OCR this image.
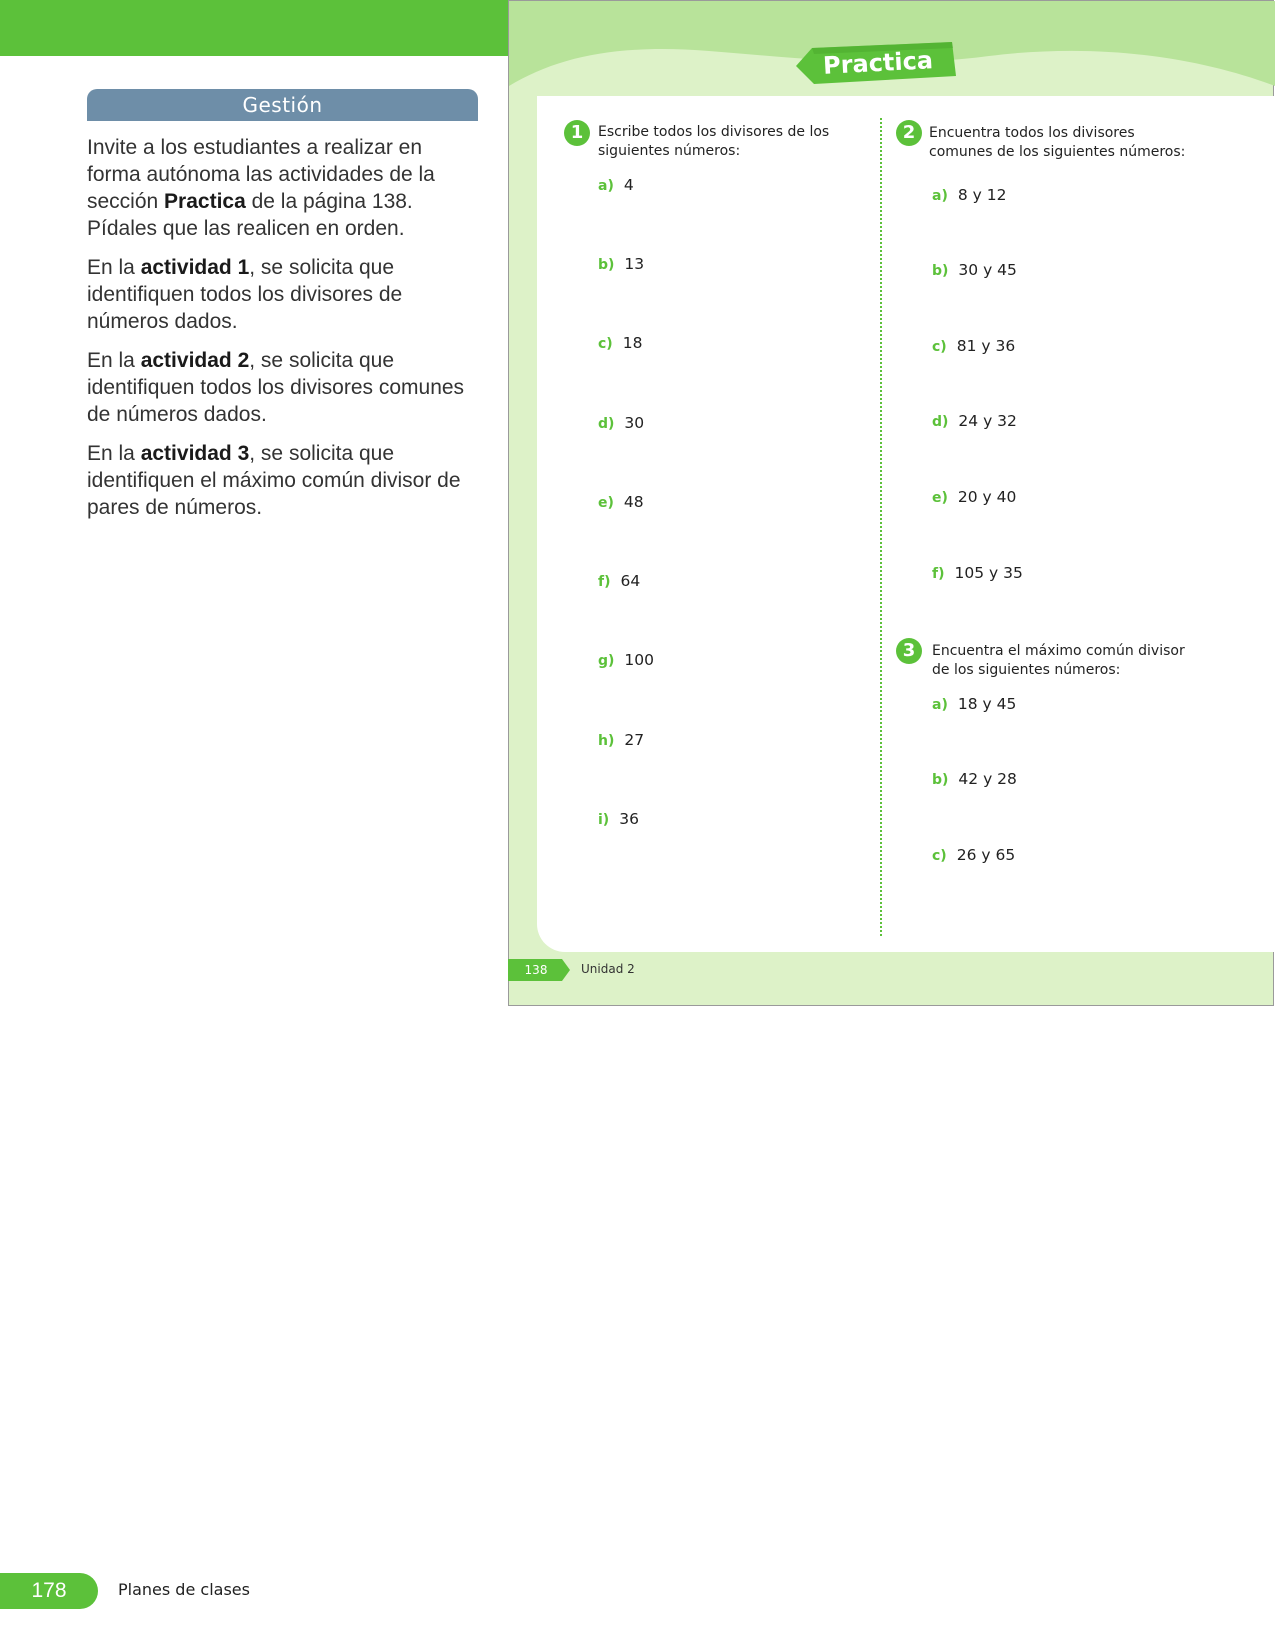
Gestión

Invite a los estudiantes a realizar en forma autónoma las actividades de la sección Practica de la página 138. Pídales que las realicen en orden.

En la actividad 1, se solicita que identifiquen todos los divisores de números dados.

En la actividad 2, se solicita que identifiquen todos los divisores comunes de números dados.

En la actividad 3, se solicita que identifiquen el máximo común divisor de pares de números.

Practica
1	Escribe todos los divisores de los siguientes números:
a) 4
b) 13
c) 18
d) 30
e) 48
f) 64
g) 100
h) 27
i) 36
2 Encuentra todos los divisores comunes de los siguientes números:
a) 8 y 12
b) 30 y 45
c) 81 y 36
d) 24 y 32
e) 20 y 40
f) 105 y 35
3	Encuentra el máximo común divisor de los siguientes números:
a) 18 y 45
b) 42 y 28
c) 26 y 65
138	Unidad 2
178	Planes de clases
